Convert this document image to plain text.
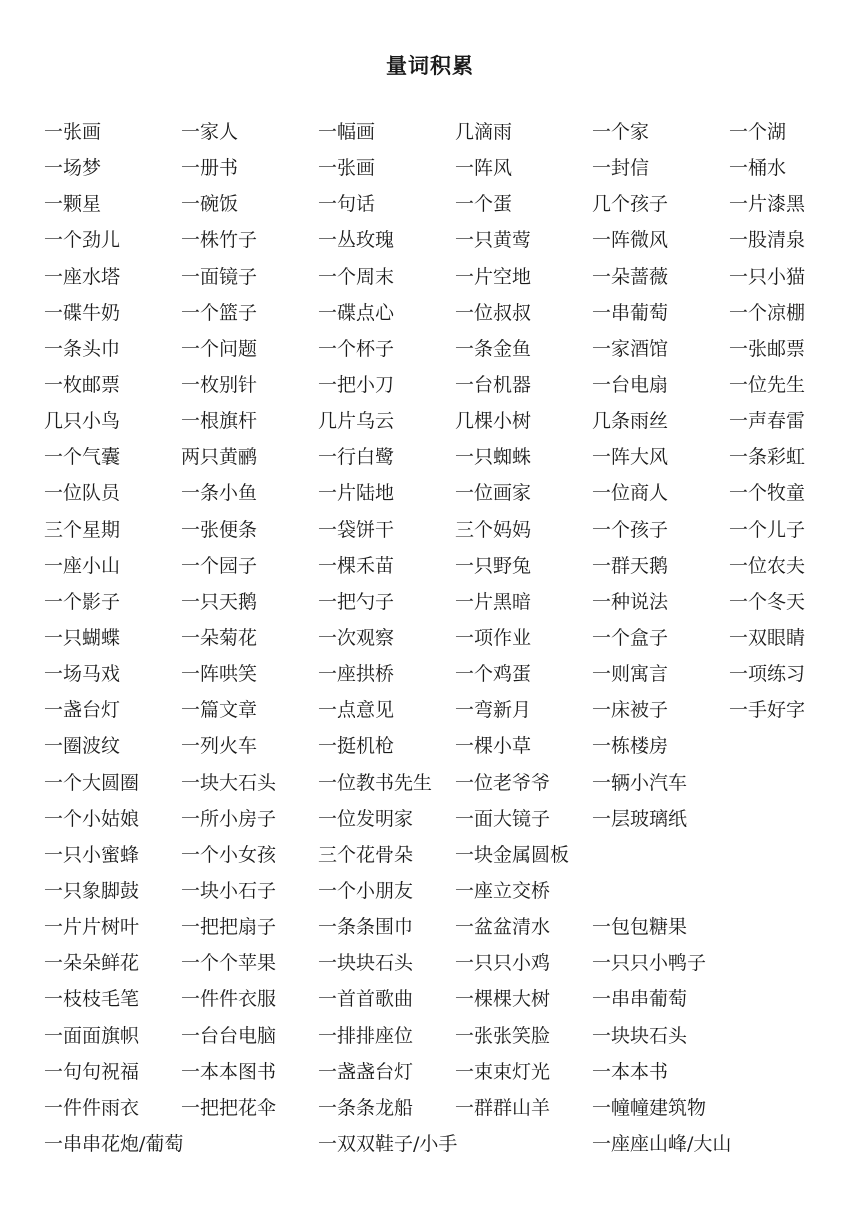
量词积累
一张画	一家人	一幅画	几滴雨	一个家	一个湖
一场梦	一册书	一张画	一阵风	一封信	一桶水
一颗星	一碗饭	一句话	一个蛋	几个孩子	一片漆黑
一个劲儿	一株竹子	一丛玫瑰	一只黄莺	一阵微风	一股清泉
一座水塔	一面镜子	一个周末	一片空地	一朵蔷薇	一只小猫
一碟牛奶	一个篮子	一碟点心	一位叔叔	一串葡萄	一个凉棚
一条头巾	一个问题	一个杯子	一条金鱼	一家酒馆	一张邮票
一枚邮票	一枚别针	一把小刀	一台机器	一台电扇	一位先生
几只小鸟	一根旗杆	几片乌云	几棵小树	几条雨丝	一声春雷
一个气囊	两只黄鹂	一行白鹭	一只蜘蛛	一阵大风	一条彩虹
一位队员	一条小鱼	一片陆地	一位画家	一位商人	一个牧童
三个星期	一张便条	一袋饼干	三个妈妈	一个孩子	一个儿子
一座小山	一个园子	一棵禾苗	一只野兔	一群天鹅	一位农夫
一个影子	一只天鹅	一把勺子	一片黑暗	一种说法	一个冬天
一只蝴蝶	一朵菊花	一次观察	一项作业	一个盒子	一双眼睛
一场马戏	一阵哄笑	一座拱桥	一个鸡蛋	一则寓言	一项练习
一盏台灯	一篇文章	一点意见	一弯新月	一床被子	一手好字
一圈波纹	一列火车	一挺机枪	一棵小草	一栋楼房
一个大圆圈	一块大石头	一位教书先生	一位老爷爷	一辆小汽车
一个小姑娘	一所小房子	一位发明家	一面大镜子	一层玻璃纸
一只小蜜蜂	一个小女孩	三个花骨朵	一块金属圆板
一只象脚鼓	一块小石子	一个小朋友	一座立交桥
一片片树叶	一把把扇子	一条条围巾	一盆盆清水	一包包糖果
一朵朵鲜花	一个个苹果	一块块石头	一只只小鸡	一只只小鸭子
一枝枝毛笔	一件件衣服	一首首歌曲	一棵棵大树	一串串葡萄
一面面旗帜	一台台电脑	一排排座位	一张张笑脸	一块块石头
一句句祝福	一本本图书	一盏盏台灯	一束束灯光	一本本书
一件件雨衣	一把把花伞	一条条龙船	一群群山羊	一幢幢建筑物
一串串花炮/葡萄	一双双鞋子/小手	一座座山峰/大山
